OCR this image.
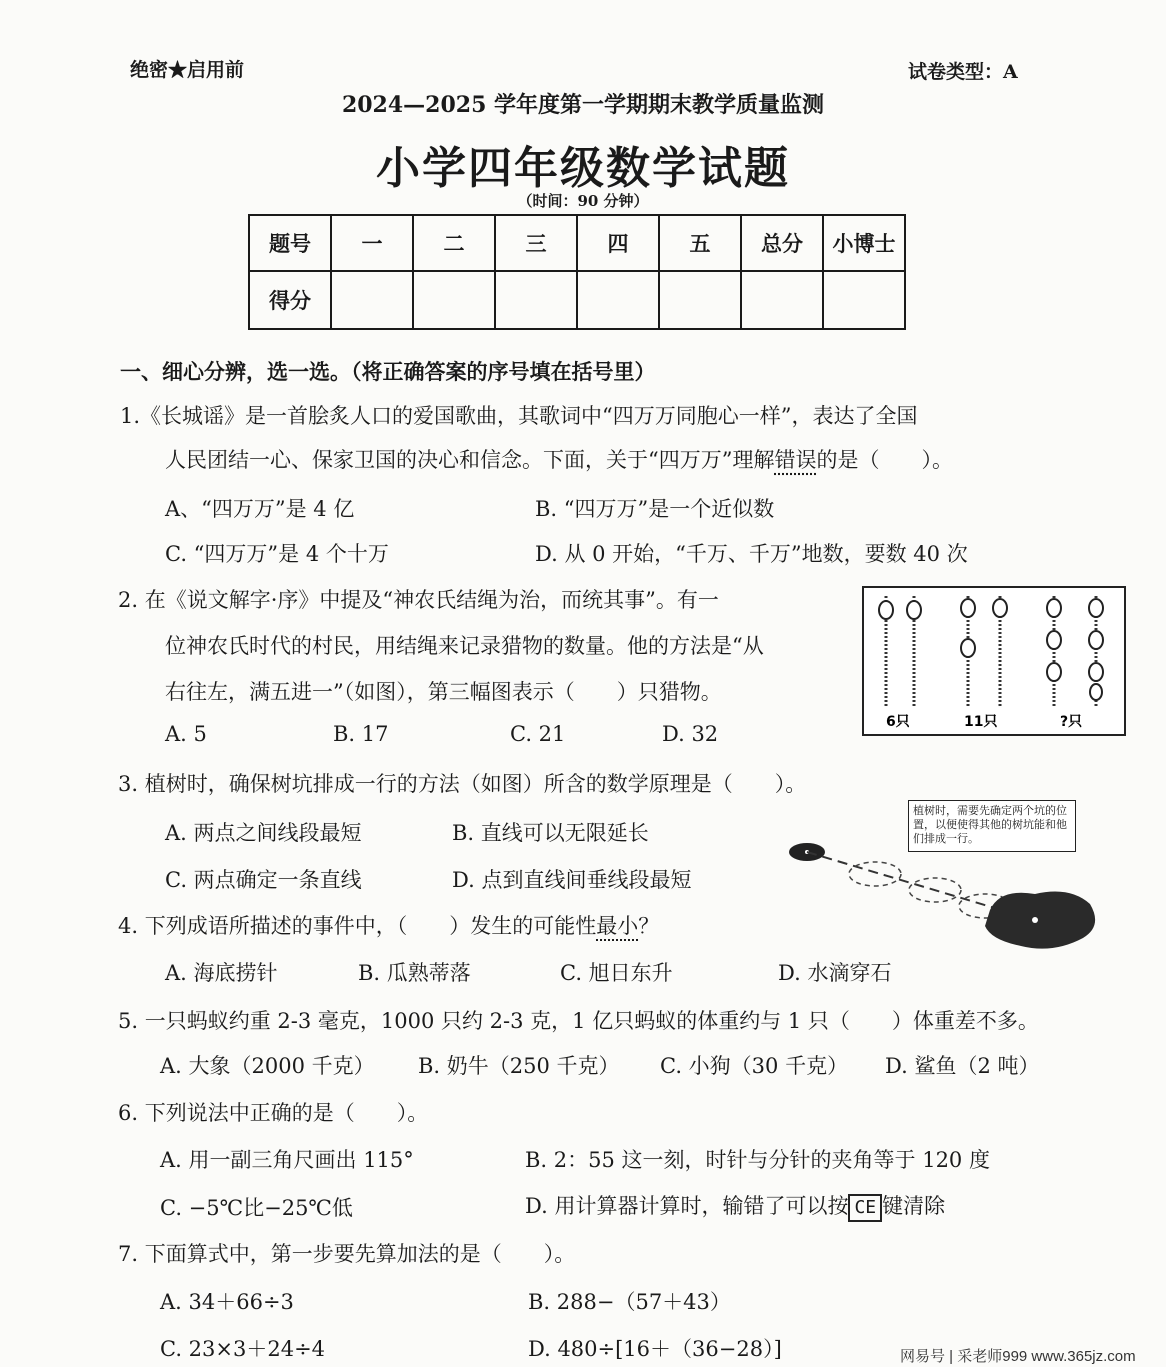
绝密★启用前	试卷类型：A
2024—2025 学年度第一学期期末教学质量监测
小学四年级数学试题
（时间：90 分钟）
题号	一	二	三	四	五	总分	小博士
得分							
一、细心分辨，选一选。（将正确答案的序号填在括号里）
1.《长城谣》是一首脍炙人口的爱国歌曲，其歌词中“四万万同胞心一样”，表达了全国
人民团结一心、保家卫国的决心和信念。下面，关于“四万万”理解错误的是（　　）。
A、“四万万”是 4 亿	B. “四万万”是一个近似数
C. “四万万”是 4 个十万	D. 从 0 开始，“千万、千万”地数，要数 40 次
2. 在《说文解字·序》中提及“神农氏结绳为治，而统其事”。有一
位神农氏时代的村民，用结绳来记录猎物的数量。他的方法是“从
右往左，满五进一”（如图），第三幅图表示（　　）只猎物。
A. 5	B. 17	C. 21	D. 32	6只	11只	?只
3. 植树时，确保树坑排成一行的方法（如图）所含的数学原理是（　　）。
A. 两点之间线段最短	B. 直线可以无限延长
C. 两点确定一条直线	D. 点到直线间垂线段最短
植树时，需要先确定两个坑的位置，以便使得其他的树坑能和他们排成一行。
4. 下列成语所描述的事件中，（　　）发生的可能性最小？
A. 海底捞针	B. 瓜熟蒂落	C. 旭日东升	D. 水滴穿石
5. 一只蚂蚁约重 2-3 毫克，1000 只约 2-3 克，1 亿只蚂蚁的体重约与 1 只（　　）体重差不多。
A. 大象（2000 千克） B. 奶牛（250 千克） C. 小狗（30 千克） D. 鲨鱼（2 吨）
6. 下列说法中正确的是（　　）。
A. 用一副三角尺画出 115°	B. 2：55 这一刻，时针与分针的夹角等于 120 度
C. −5℃比−25℃低	D. 用计算器计算时，输错了可以按 CE 键清除
7. 下面算式中，第一步要先算加法的是（　　）。
A. 34＋66÷3	B. 288−（57＋43）
C. 23×3＋24÷4	D. 480÷[16＋（36−28）]	网易号 | 采老师999 www.365jz.com
